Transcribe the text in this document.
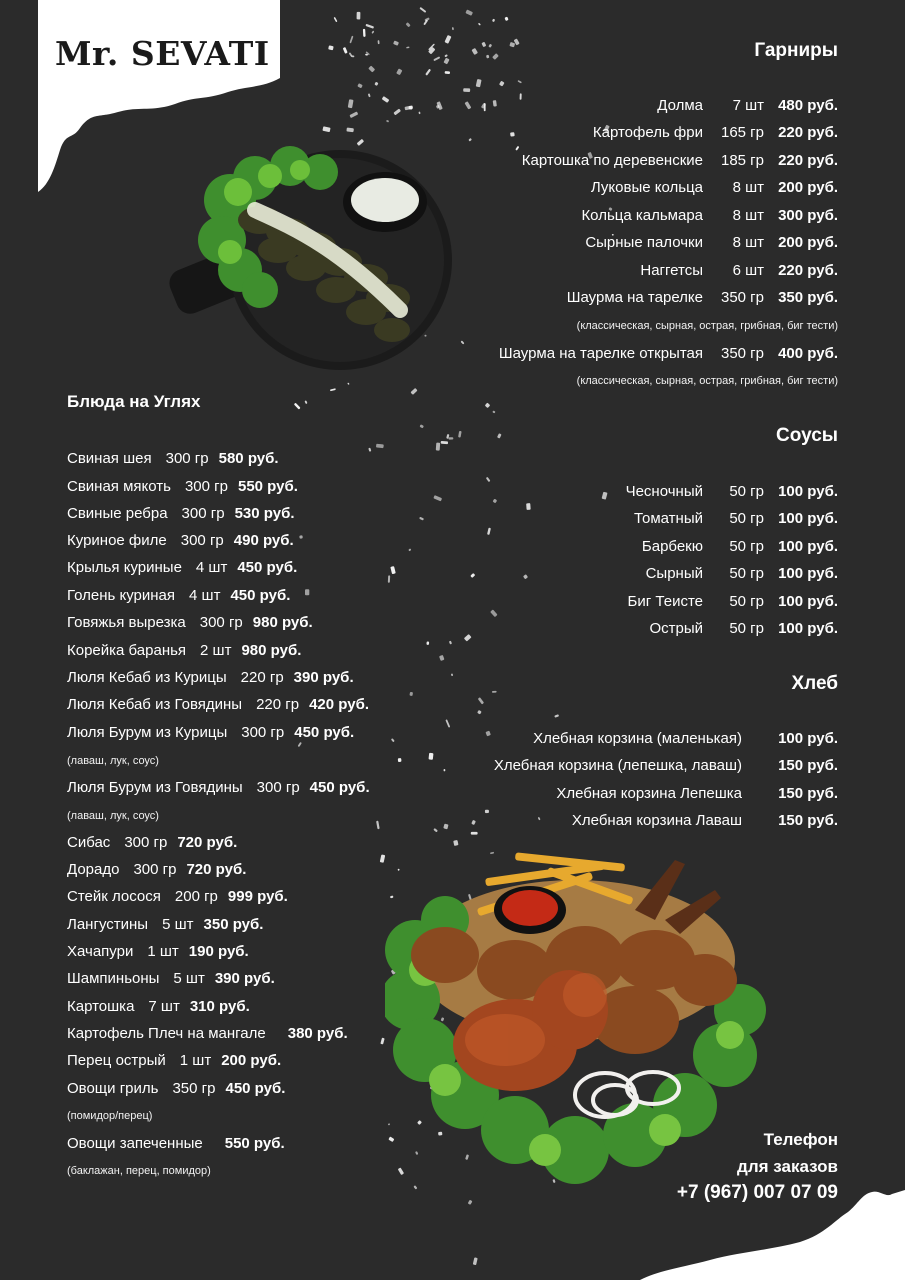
Mr. SEVATI	Гарниры
Долма	7 шт 480 руб.
Картофель фри	165 гр 220 руб.
Картошка по деревенские	185 гр 220 руб.
Луковые кольца	8 шт 200 руб.
Кольца кальмара	8 шт 300 руб.
Сырные палочки	8 шт 200 руб.
Наггетсы	6 шт 220 руб.
Шаурма на тарелке	350 гр 350 руб.
(классическая, сырная, острая, грибная, биг тести)
Шаурма на тарелке открытая	350 гр 400 руб.
(классическая, сырная, острая, грибная, биг тести)
Соусы
Чесночный	50 гр 100 руб.
Томатный	50 гр 100 руб.
Барбекю	50 гр 100 руб.
Сырный	50 гр 100 руб.
Биг Теисте	50 гр 100 руб.
Острый	50 гр 100 руб.
Хлеб
Хлебная корзина (маленькая)	100 руб.
Хлебная корзина (лепешка, лаваш)	150 руб.
Хлебная корзина Лепешка	150 руб.
Хлебная корзина Лаваш	150 руб.
Блюда на Углях
Свиная шея 300 гр 580 руб.
Свиная мякоть 300 гр 550 руб.
Свиные ребра 300 гр 530 руб.
Куриное филе 300 гр 490 руб.
Крылья куриные 4 шт 450 руб.
Голень куриная 4 шт 450 руб.
Говяжья вырезка 300 гр 980 руб.
Корейка баранья 2 шт 980 руб.
Люля Кебаб из Курицы 220 гр 390 руб.
Люля Кебаб из Говядины 220 гр 420 руб.
Люля Бурум из Курицы 300 гр 450 руб.
(лаваш, лук, соус)
Люля Бурум из Говядины 300 гр 450 руб.
(лаваш, лук, соус)
Сибас 300 гр 720 руб.
Дорадо 300 гр 720 руб.
Стейк лосося 200 гр 999 руб.
Лангустины 5 шт 350 руб.
Хачапури 1 шт 190 руб.
Шампиньоны 5 шт 390 руб.
Картошка 7 шт 310 руб.
Картофель Плеч на мангале 380 руб.
Перец острый 1 шт 200 руб.
Овощи гриль 350 гр 450 руб.
(помидор/перец)
Овощи запеченные 550 руб.
(баклажан, перец, помидор)
Телефон
для заказов
+7 (967) 007 07 09
